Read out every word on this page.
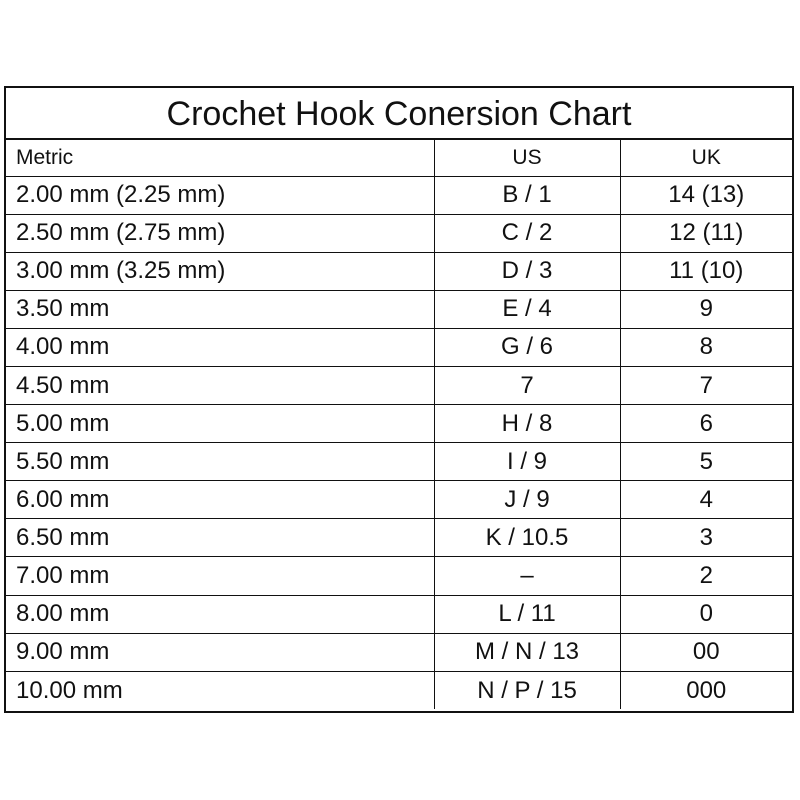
Crochet Hook Conersion Chart
Metric	US	UK
2.00 mm (2.25 mm)	B / 1	14 (13)
2.50 mm (2.75 mm)	C / 2	12 (11)
3.00 mm (3.25 mm)	D / 3	11 (10)
3.50 mm	E / 4	9
4.00 mm	G / 6	8
4.50 mm	7	7
5.00 mm	H / 8	6
5.50 mm	I / 9	5
6.00 mm	J / 9	4
6.50 mm	K / 10.5	3
7.00 mm	–	2
8.00 mm	L / 11	0
9.00 mm	M / N / 13	00
10.00 mm	N / P / 15	000
